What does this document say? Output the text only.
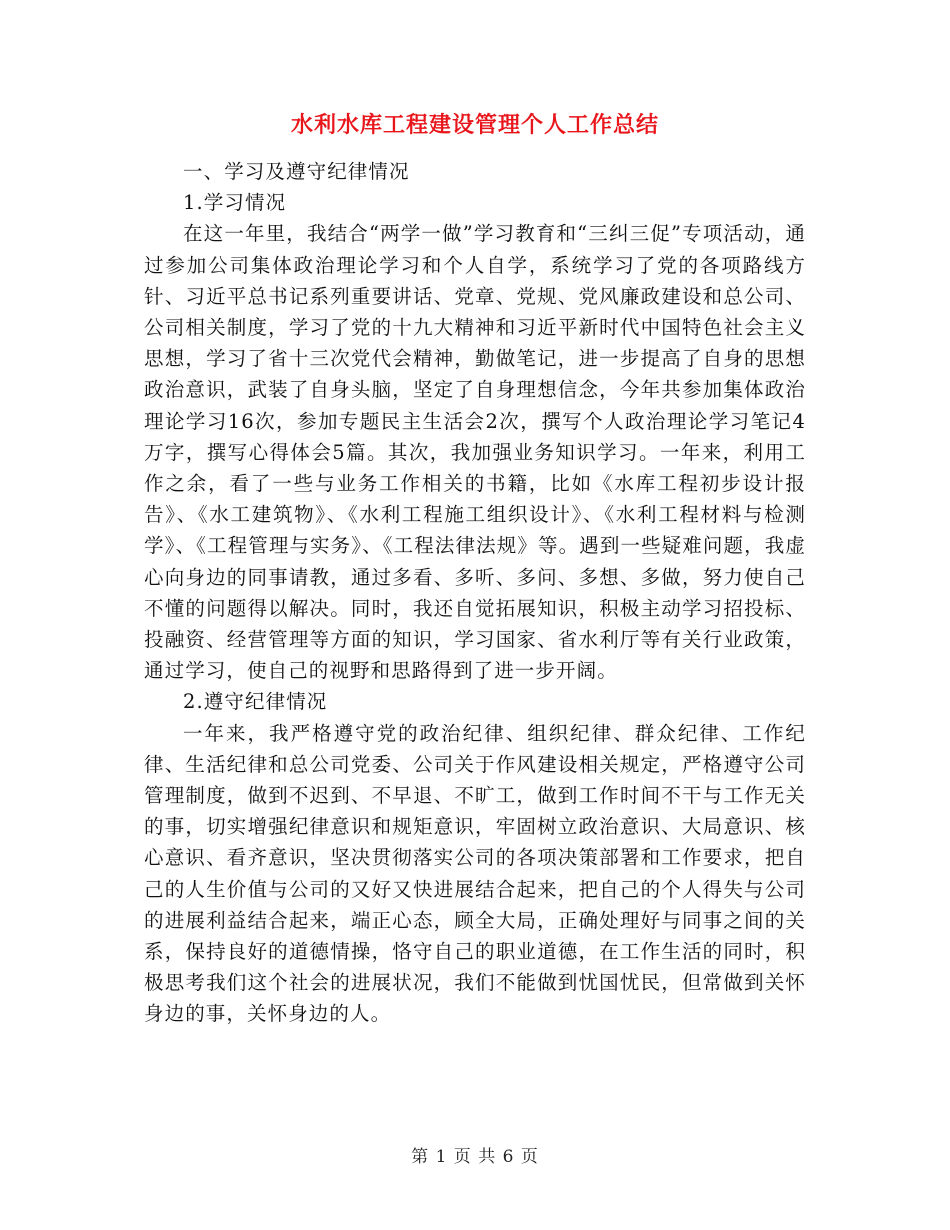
水利水库工程建设管理个人工作总结

一、学习及遵守纪律情况

1.学习情况

在这一年里，我结合“两学一做”学习教育和“三纠三促”专项活动，通过参加公司集体政治理论学习和个人自学，系统学习了党的各项路线方针、习近平总书记系列重要讲话、党章、党规、党风廉政建设和总公司、公司相关制度，学习了党的十九大精神和习近平新时代中国特色社会主义思想，学习了省十三次党代会精神，勤做笔记，进一步提高了自身的思想政治意识，武装了自身头脑，坚定了自身理想信念，今年共参加集体政治理论学习16次，参加专题民主生活会2次，撰写个人政治理论学习笔记4万字，撰写心得体会5篇。其次，我加强业务知识学习。一年来，利用工作之余，看了一些与业务工作相关的书籍，比如《水库工程初步设计报告》、《水工建筑物》、《水利工程施工组织设计》、《水利工程材料与检测学》、《工程管理与实务》、《工程法律法规》等。遇到一些疑难问题，我虚心向身边的同事请教，通过多看、多听、多问、多想、多做，努力使自己不懂的问题得以解决。同时，我还自觉拓展知识，积极主动学习招投标、投融资、经营管理等方面的知识，学习国家、省水利厅等有关行业政策，通过学习，使自己的视野和思路得到了进一步开阔。

2.遵守纪律情况

一年来，我严格遵守党的政治纪律、组织纪律、群众纪律、工作纪律、生活纪律和总公司党委、公司关于作风建设相关规定，严格遵守公司管理制度，做到不迟到、不早退、不旷工，做到工作时间不干与工作无关的事，切实增强纪律意识和规矩意识，牢固树立政治意识、大局意识、核心意识、看齐意识，坚决贯彻落实公司的各项决策部署和工作要求，把自己的人生价值与公司的又好又快进展结合起来，把自己的个人得失与公司的进展利益结合起来，端正心态，顾全大局，正确处理好与同事之间的关系，保持良好的道德情操，恪守自己的职业道德，在工作生活的同时，积极思考我们这个社会的进展状况，我们不能做到忧国忧民，但常做到关怀身边的事，关怀身边的人。

第 1 页 共 6 页
